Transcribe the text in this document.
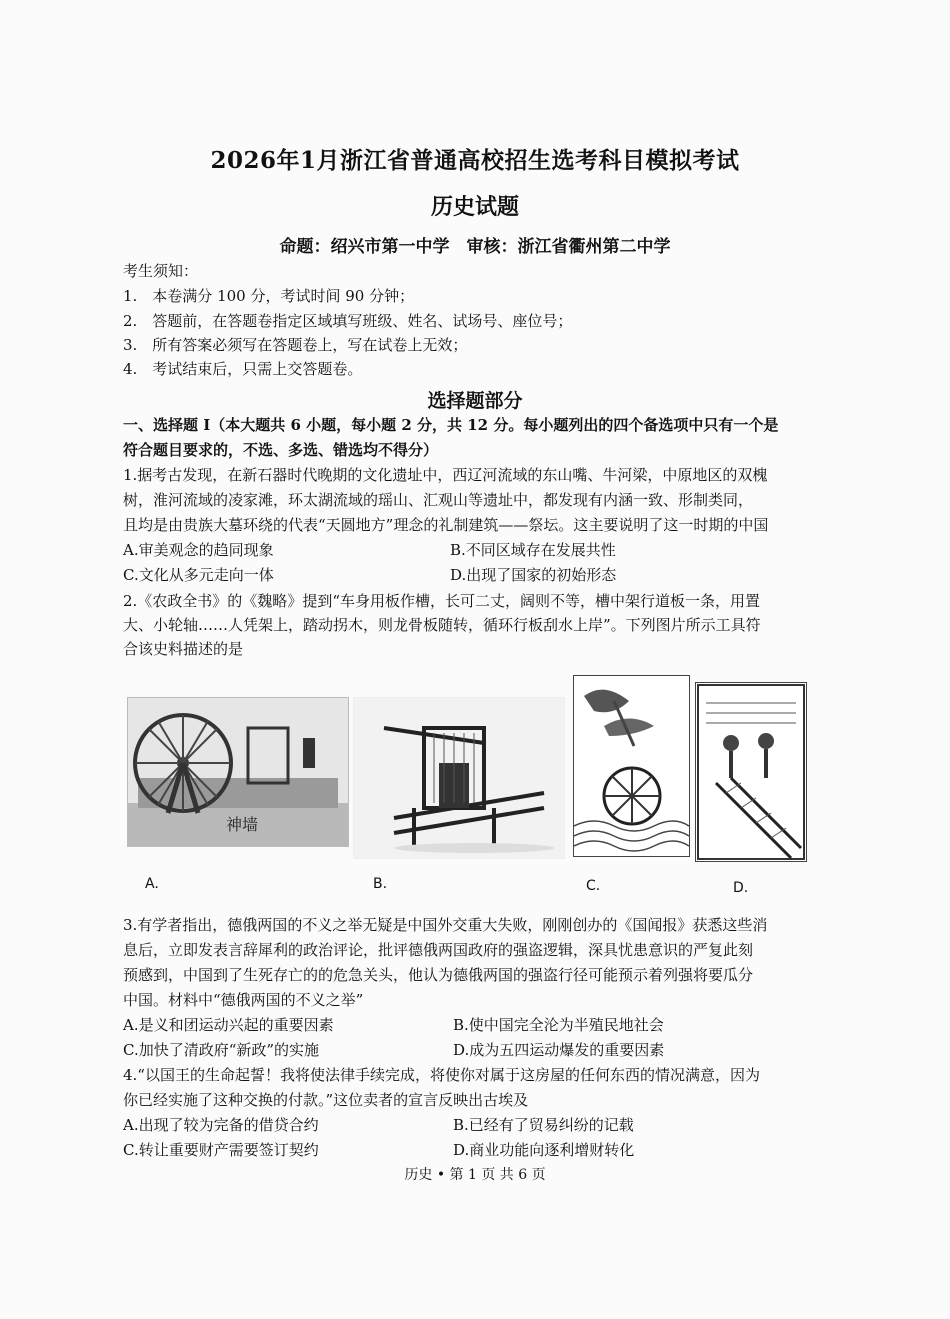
2026年1月浙江省普通高校招生选考科目模拟考试
历史试题
命题：绍兴市第一中学　审核：浙江省衢州第二中学
考生须知：
1.　本卷满分 100 分，考试时间 90 分钟；
2.　答题前，在答题卷指定区域填写班级、姓名、试场号、座位号；
3.　所有答案必须写在答题卷上，写在试卷上无效；
4.　考试结束后，只需上交答题卷。
选择题部分
一、选择题 I（本大题共 6 小题，每小题 2 分，共 12 分。每小题列出的四个备选项中只有一个是
符合题目要求的，不选、多选、错选均不得分）
1.据考古发现，在新石器时代晚期的文化遗址中，西辽河流域的东山嘴、牛河梁，中原地区的双槐
树，淮河流域的凌家滩，环太湖流域的瑶山、汇观山等遗址中，都发现有内涵一致、形制类同，
且均是由贵族大墓环绕的代表“天圆地方”理念的礼制建筑——祭坛。这主要说明了这一时期的中国
A.审美观念的趋同现象	B.不同区域存在发展共性
C.文化从多元走向一体	D.出现了国家的初始形态
2.《农政全书》的《魏略》提到“车身用板作槽，长可二丈，阔则不等，槽中架行道板一条，用置
大、小轮轴……人凭架上，踏动拐木，则龙骨板随转，循环行板刮水上岸”。下列图片所示工具符
合该史料描述的是
神墙
A.	B.	C.	D.
3.有学者指出，德俄两国的不义之举无疑是中国外交重大失败，刚刚创办的《国闻报》获悉这些消
息后，立即发表言辞犀利的政治评论，批评德俄两国政府的强盗逻辑，深具忧患意识的严复此刻
预感到，中国到了生死存亡的的危急关头，他认为德俄两国的强盗行径可能预示着列强将要瓜分
中国。材料中“德俄两国的不义之举”
A.是义和团运动兴起的重要因素	B.使中国完全沦为半殖民地社会
C.加快了清政府“新政”的实施	D.成为五四运动爆发的重要因素
4.“以国王的生命起誓！我将使法律手续完成，将使你对属于这房屋的任何东西的情况满意，因为
你已经实施了这种交换的付款。”这位卖者的宣言反映出古埃及
A.出现了较为完备的借贷合约	B.已经有了贸易纠纷的记载
C.转让重要财产需要签订契约	D.商业功能向逐利增财转化
历史 • 第 1 页 共 6 页
